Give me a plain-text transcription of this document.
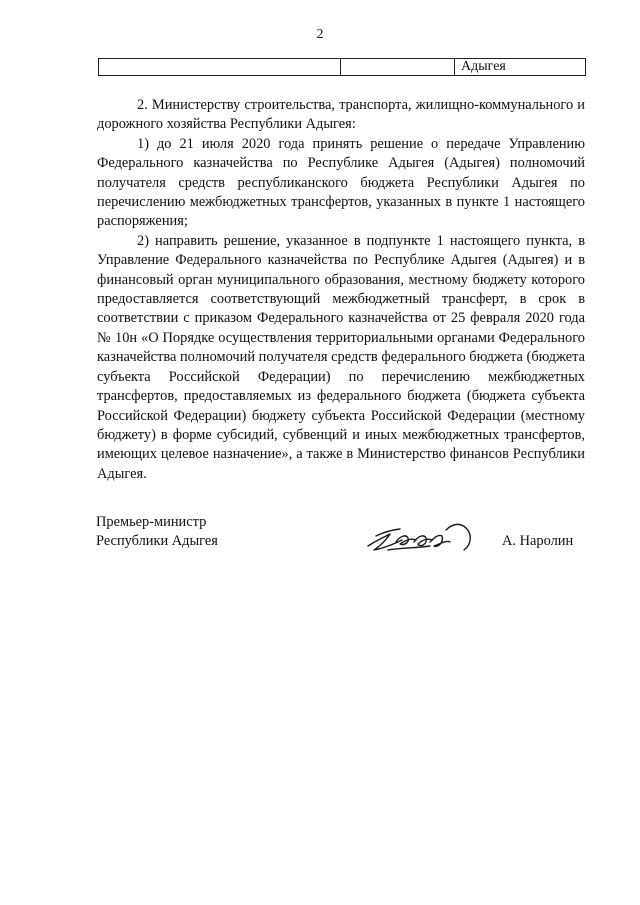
2
Адыгея

2. Министерству строительства, транспорта, жилищно-коммунального и дорожного хозяйства Республики Адыгея:

1) до 21 июля 2020 года принять решение о передаче Управлению Федерального казначейства по Республике Адыгея (Адыгея) полномочий получателя средств республиканского бюджета Республики Адыгея по перечислению межбюджетных трансфертов, указанных в пункте 1 настоящего распоряжения;

2) направить решение, указанное в подпункте 1 настоящего пункта, в Управление Федерального казначейства по Республике Адыгея (Адыгея) и в финансовый орган муниципального образования, местному бюджету которого предоставляется соответствующий межбюджетный трансферт, в срок в соответствии с приказом Федерального казначейства от 25 февраля 2020 года № 10н «О Порядке осуществления территориальными органами Федерального казначейства полномочий получателя средств федерального бюджета (бюджета субъекта Российской Федерации) по перечислению межбюджетных трансфертов, предоставляемых из федерального бюджета (бюджета субъекта Российской Федерации) бюджету субъекта Российской Федерации (местному бюджету) в форме субсидий, субвенций и иных межбюджетных трансфертов, имеющих целевое назначение», а также в Министерство финансов Республики Адыгея.

Премьер-министр
Республики Адыгея	А. Наролин
